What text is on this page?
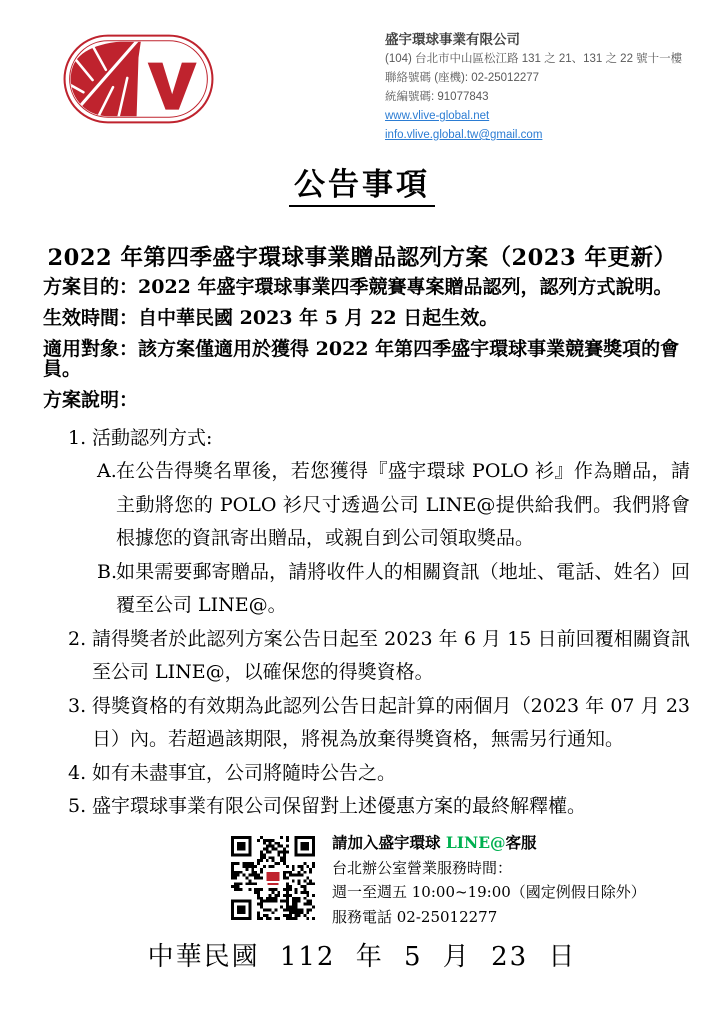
盛宇環球事業有限公司
(104) 台北市中山區松江路 131 之 21、131 之 22 號十一樓
聯絡號碼 (座機): 02-25012277
統編號碼: 91077843
www.vlive-global.net
info.vlive.global.tw@gmail.com
公告事項
2022 年第四季盛宇環球事業贈品認列方案（2023 年更新）

方案目的：2022 年盛宇環球事業四季競賽專案贈品認列，認列方式說明。

生效時間：自中華民國 2023 年 5 月 22 日起生效。

適用對象：該方案僅適用於獲得 2022 年第四季盛宇環球事業競賽獎項的會員。

方案說明：

1. 活動認列方式:
A. 在公告得獎名單後，若您獲得『盛宇環球 POLO 衫』作為贈品，請主動將您的 POLO 衫尺寸透過公司 LINE@提供給我們。我們將會根據您的資訊寄出贈品，或親自到公司領取獎品。
B.
如果需要郵寄贈品，請將收件人的相關資訊（地址、電話、姓名）回覆至公司 LINE@。
2. 請得獎者於此認列方案公告日起至 2023 年 6 月 15 日前回覆相關資訊至公司 LINE@，以確保您的得獎資格。
3. 得獎資格的有效期為此認列公告日起計算的兩個月（2023 年 07 月 23 日）內。若超過該期限，將視為放棄得獎資格，無需另行通知。
4. 如有未盡事宜，公司將隨時公告之。
5. 盛宇環球事業有限公司保留對上述優惠方案的最終解釋權。
請加入盛宇環球 LINE@客服
台北辦公室營業服務時間：
週一至週五 10:00~19:00（國定例假日除外）
服務電話 02-25012277
中華民國 112 年 5 月 23 日
